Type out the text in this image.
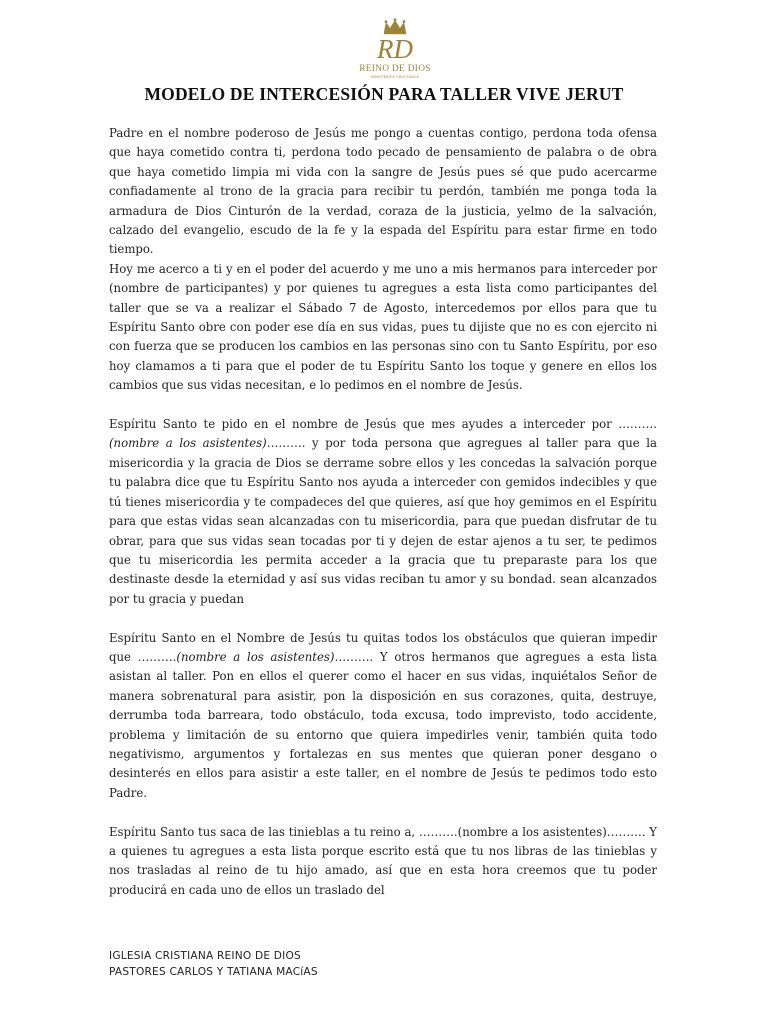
RD
REINO DE DIOS
MINISTERIOS CRISTIANOS
MODELO DE INTERCESIÓN PARA TALLER VIVE JERUT

Padre en el nombre poderoso de Jesús me pongo a cuentas contigo, perdona toda ofensa que haya cometido contra ti, perdona todo pecado de pensamiento de palabra o de obra que haya cometido limpia mi vida con la sangre de Jesús pues sé que pudo acercarme confiadamente al trono de la gracia para recibir tu perdón, también me ponga toda la armadura de Dios Cinturón de la verdad, coraza de la justicia, yelmo de la salvación, calzado del evangelio, escudo de la fe y la espada del Espíritu para estar firme en todo tiempo.

Hoy me acerco a ti y en el poder del acuerdo y me uno a mis hermanos para interceder por (nombre de participantes) y por quienes tu agregues a esta lista como participantes del taller que se va a realizar el Sábado 7 de Agosto, intercedemos por ellos para que tu Espíritu Santo obre con poder ese día en sus vidas, pues tu dijiste que no es con ejercito ni con fuerza que se producen los cambios en las personas sino con tu Santo Espíritu, por eso hoy clamamos a ti para que el poder de tu Espíritu Santo los toque y genere en ellos los cambios que sus vidas necesitan, e lo pedimos en el nombre de Jesús.

Espíritu Santo te pido en el nombre de Jesús que mes ayudes a interceder por ……….(nombre a los asistentes)………. y por toda persona que agregues al taller para que la misericordia y la gracia de Dios se derrame sobre ellos y les concedas la salvación porque tu palabra dice que tu Espíritu Santo nos ayuda a interceder con gemidos indecibles y que tú tienes misericordia y te compadeces del que quieres, así que hoy gemimos en el Espíritu para que estas vidas sean alcanzadas con tu misericordia, para que puedan disfrutar de tu obrar, para que sus vidas sean tocadas por ti y dejen de estar ajenos a tu ser, te pedimos que tu misericordia les permita acceder a la gracia que tu preparaste para los que destinaste desde la eternidad y así sus vidas reciban tu amor y su bondad. sean alcanzados por tu gracia y puedan

Espíritu Santo en el Nombre de Jesús tu quitas todos los obstáculos que quieran impedir que ……….(nombre a los asistentes)………. Y otros hermanos que agregues a esta lista asistan al taller. Pon en ellos el querer como el hacer en sus vidas, inquiétalos Señor de manera sobrenatural para asistir, pon la disposición en sus corazones, quita, destruye, derrumba toda barreara, todo obstáculo, toda excusa, todo imprevisto, todo accidente, problema y limitación de su entorno que quiera impedirles venir, también quita todo negativismo, argumentos y fortalezas en sus mentes que quieran poner desgano o desinterés en ellos para asistir a este taller, en el nombre de Jesús te pedimos todo esto Padre.

Espíritu Santo tus saca de las tinieblas a tu reino a, ……….(nombre a los asistentes)………. Y a quienes tu agregues a esta lista porque escrito está que tu nos libras de las tinieblas y nos trasladas al reino de tu hijo amado, así que en esta hora creemos que tu poder producirá en cada uno de ellos un traslado del

IGLESIA CRISTIANA REINO DE DIOS
PASTORES CARLOS Y TATIANA MACíAS
